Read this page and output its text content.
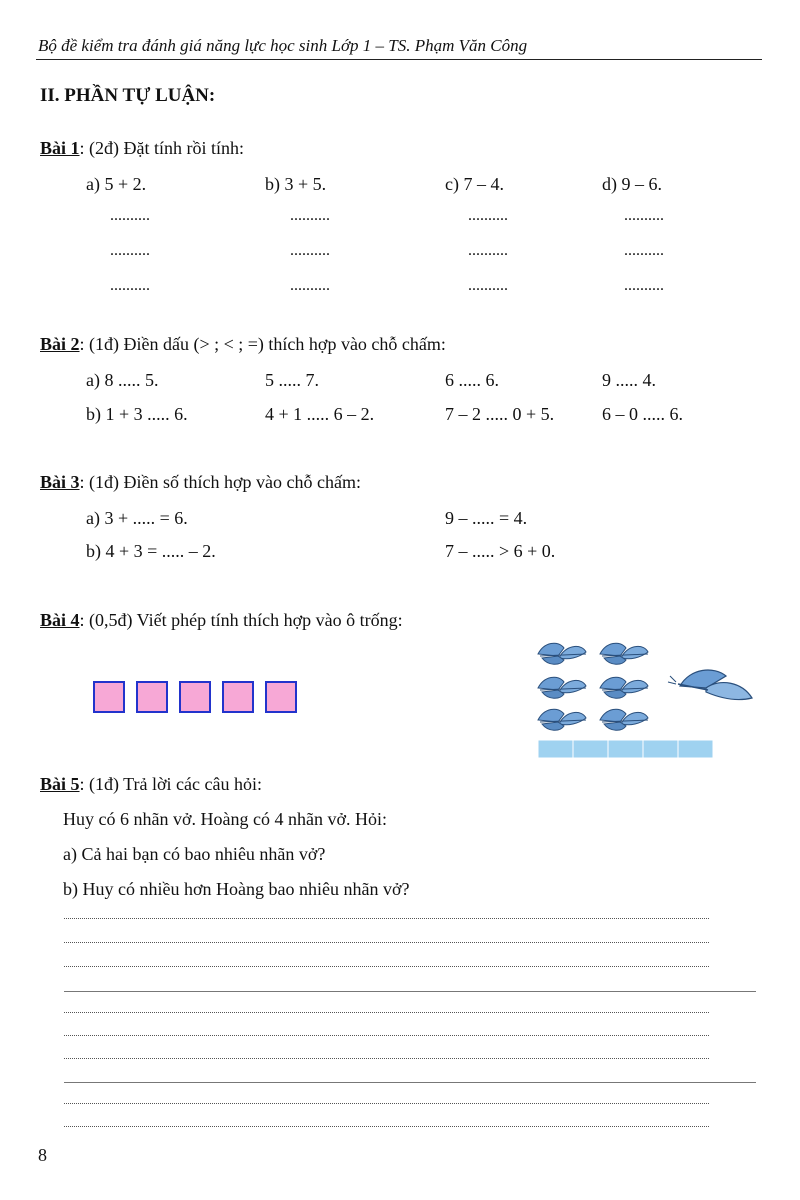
Bộ đề kiểm tra đánh giá năng lực học sinh Lớp 1 – TS. Phạm Văn Công
II. PHẦN TỰ LUẬN:
Bài 1: (2đ) Đặt tính rồi tính:
a) 5 + 2.	b) 3 + 5.	c) 7 – 4.	d) 9 – 6.
..........	..........	..........	..........
..........	..........	..........	..........
..........	..........	..........	..........
Bài 2: (1đ) Điền dấu (> ; < ; =) thích hợp vào chỗ chấm:
a) 8 ..... 5.	5 ..... 7.	6 ..... 6.	9 ..... 4.
b) 1 + 3 ..... 6.	4 + 1 ..... 6 – 2.	7 – 2 ..... 0 + 5.	6 – 0 ..... 6.
Bài 3: (1đ) Điền số thích hợp vào chỗ chấm:
a) 3 + ..... = 6.	9 – ..... = 4.
b) 4 + 3 = ..... – 2.	7 – ..... > 6 + 0.
Bài 4: (0,5đ) Viết phép tính thích hợp vào ô trống:
Bài 5: (1đ) Trả lời các câu hỏi:
Huy có 6 nhãn vở. Hoàng có 4 nhãn vở. Hỏi:
a) Cả hai bạn có bao nhiêu nhãn vở?
b) Huy có nhiều hơn Hoàng bao nhiêu nhãn vở?
8
